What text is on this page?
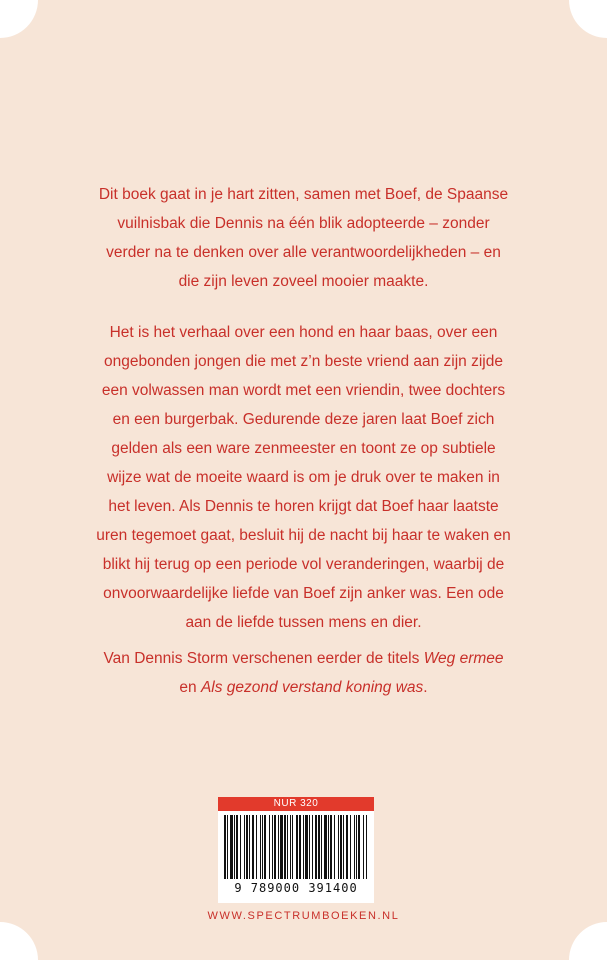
Dit boek gaat in je hart zitten, samen met Boef, de Spaanse vuilnisbak die Dennis na één blik adopteerde – zonder verder na te denken over alle verantwoordelijkheden – en die zijn leven zoveel mooier maakte.
Het is het verhaal over een hond en haar baas, over een ongebonden jongen die met z’n beste vriend aan zijn zijde een volwassen man wordt met een vriendin, twee dochters en een burgerbak. Gedurende deze jaren laat Boef zich gelden als een ware zenmeester en toont ze op subtiele wijze wat de moeite waard is om je druk over te maken in het leven. Als Dennis te horen krijgt dat Boef haar laatste uren tegemoet gaat, besluit hij de nacht bij haar te waken en blikt hij terug op een periode vol veranderingen, waarbij de onvoorwaardelijke liefde van Boef zijn anker was. Een ode aan de liefde tussen mens en dier.
Van Dennis Storm verschenen eerder de titels Weg ermee
en Als gezond verstand koning was.
NUR 320
9 789000 391400
WWW.SPECTRUMBOEKEN.NL
